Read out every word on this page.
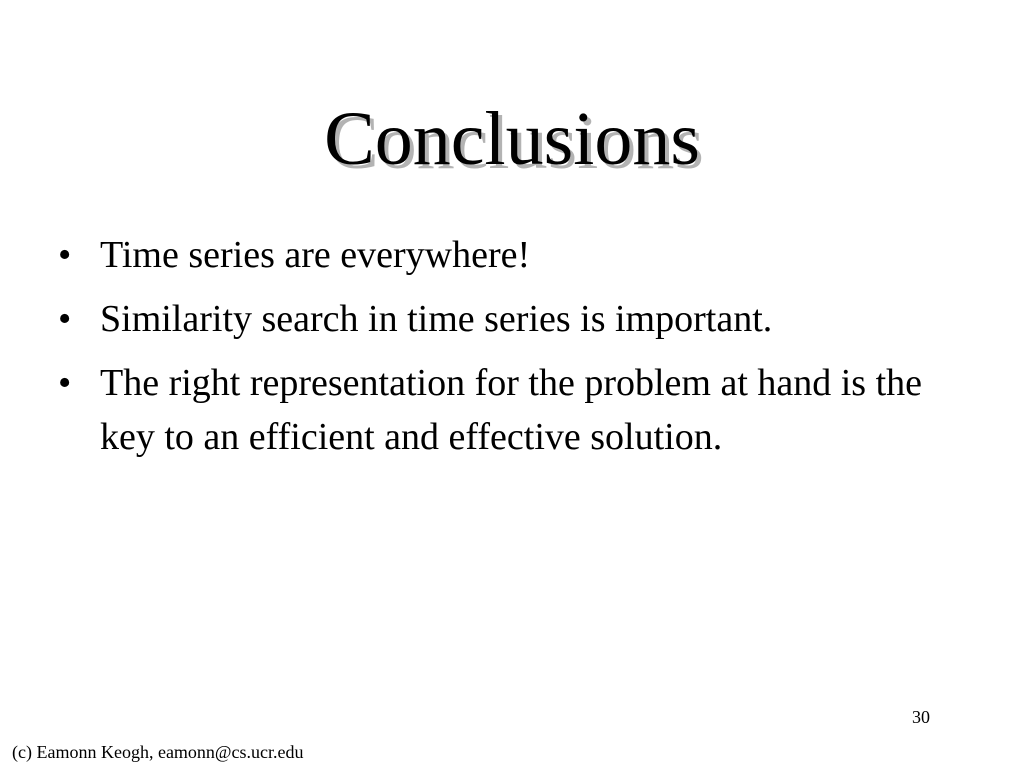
Conclusions
• Time series are everywhere!
• Similarity search in time series is important.
• The right representation for the problem at hand is the key to an efficient and effective solution.
30
(c) Eamonn Keogh, eamonn@cs.ucr.edu
